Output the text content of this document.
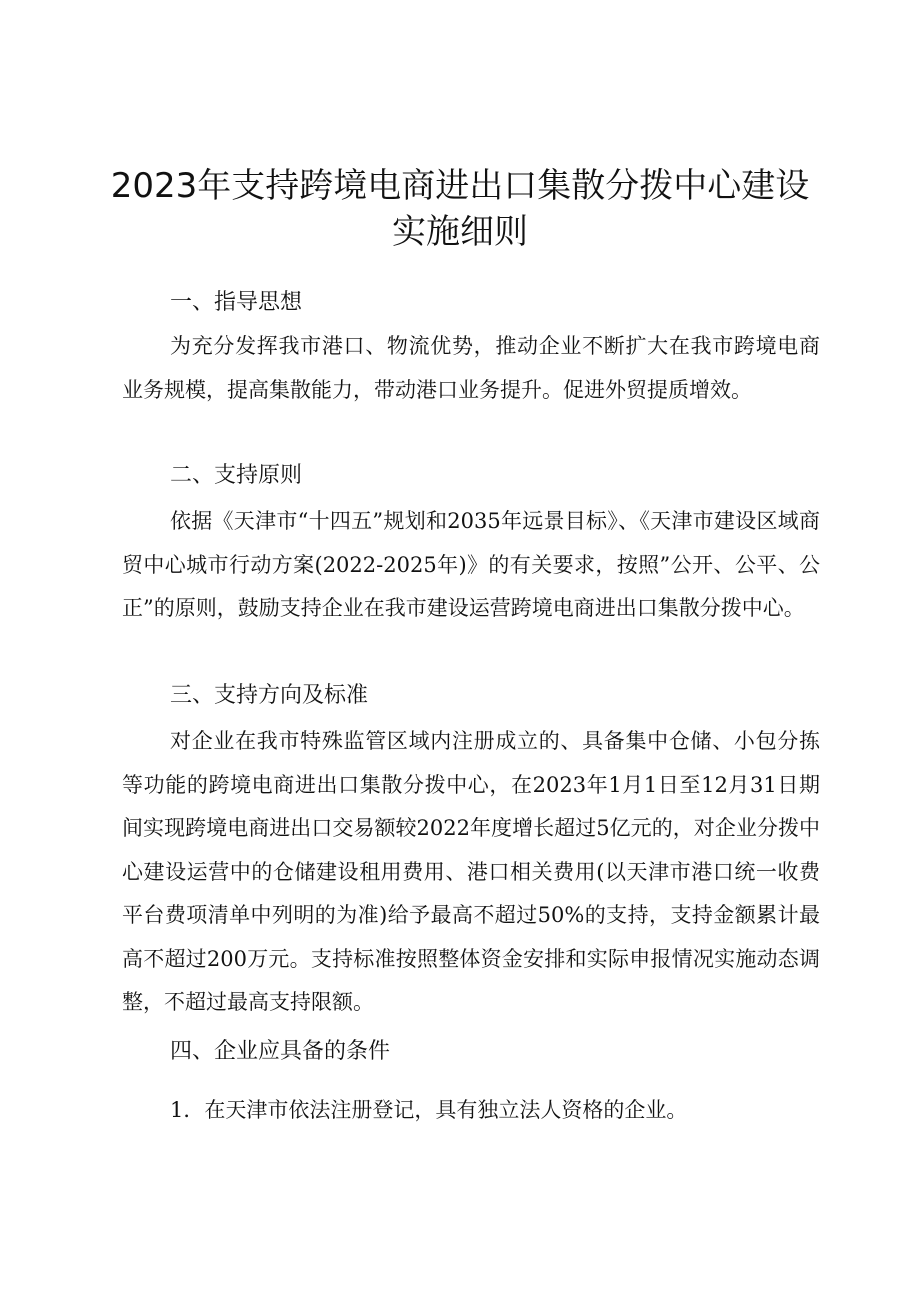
2023年支持跨境电商进出口集散分拨中心建设
实施细则
一、指导思想

为充分发挥我市港口、物流优势，推动企业不断扩大在我市跨境电商业务规模，提高集散能力，带动港口业务提升。促进外贸提质增效。

二、支持原则

依据《天津市“十四五”规划和2035年远景目标》、《天津市建设区域商贸中心城市行动方案(2022-2025年)》的有关要求，按照”公开、公平、公正”的原则，鼓励支持企业在我市建设运营跨境电商进出口集散分拨中心。

三、支持方向及标准

对企业在我市特殊监管区域内注册成立的、具备集中仓储、小包分拣等功能的跨境电商进出口集散分拨中心，在2023年1月1日至12月31日期间实现跨境电商进出口交易额较2022年度增长超过5亿元的，对企业分拨中心建设运营中的仓储建设租用费用、港口相关费用(以天津市港口统一收费平台费项清单中列明的为准)给予最高不超过50%的支持，支持金额累计最高不超过200万元。支持标准按照整体资金安排和实际申报情况实施动态调整，不超过最高支持限额。

四、企业应具备的条件
1．在天津市依法注册登记，具有独立法人资格的企业。
